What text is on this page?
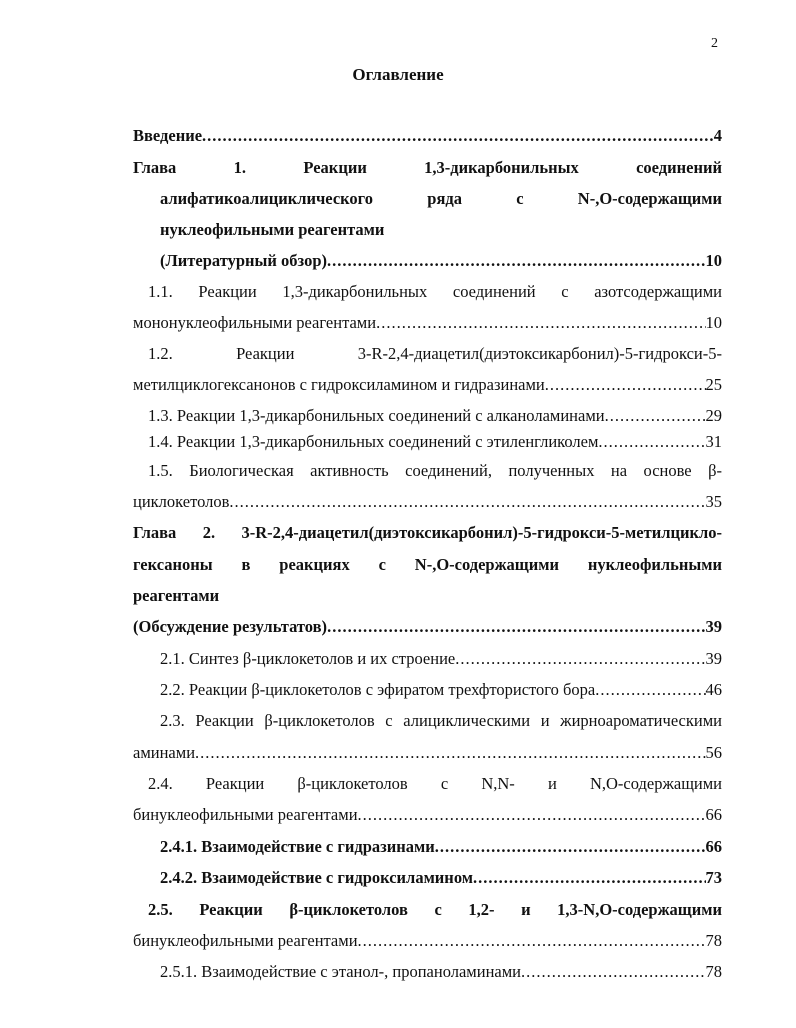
2
Оглавление
Введение .....	4
Глава 1. Реакции 1,3-дикарбонильных соединений
алифатикоалициклического ряда с N-,O-содержащими
нуклеофильными реагентами
(Литературный обзор) .....	10
1.1. Реакции 1,3-дикарбонильных соединений с азотсодержащими
мононуклеофильными реагентами .....	10
1.2. Реакции 3-R-2,4-диацетил(диэтоксикарбонил)-5-гидрокси-5-
метилциклогексанонов с гидроксиламином и гидразинами .....	25
1.3. Реакции 1,3-дикарбонильных соединений с алканоламинами .....	29
1.4. Реакции 1,3-дикарбонильных соединений с этиленгликолем .....	31
1.5. Биологическая активность соединений, полученных на основе β-
циклокетолов .....	35
Глава 2. 3-R-2,4-диацетил(диэтоксикарбонил)-5-гидрокси-5-метилцикло-
гексаноны в реакциях с N-,O-содержащими нуклеофильными
реагентами
(Обсуждение результатов) .....	39
2.1. Синтез β-циклокетолов и их строение .....	39
2.2. Реакции β-циклокетолов с эфиратом трехфтористого бора .....	46
2.3. Реакции β-циклокетолов с алициклическими и жирноароматическими
аминами .....	56
2.4. Реакции β-циклокетолов с N,N- и N,O-содержащими
бинуклеофильными реагентами .....	66
2.4.1. Взаимодействие с гидразинами .....	66
2.4.2. Взаимодействие с гидроксиламином .....	73
2.5. Реакции β-циклокетолов с 1,2- и 1,3-N,O-содержащими
бинуклеофильными реагентами .....	78
2.5.1. Взаимодействие с этанол-, пропаноламинами .....	78
